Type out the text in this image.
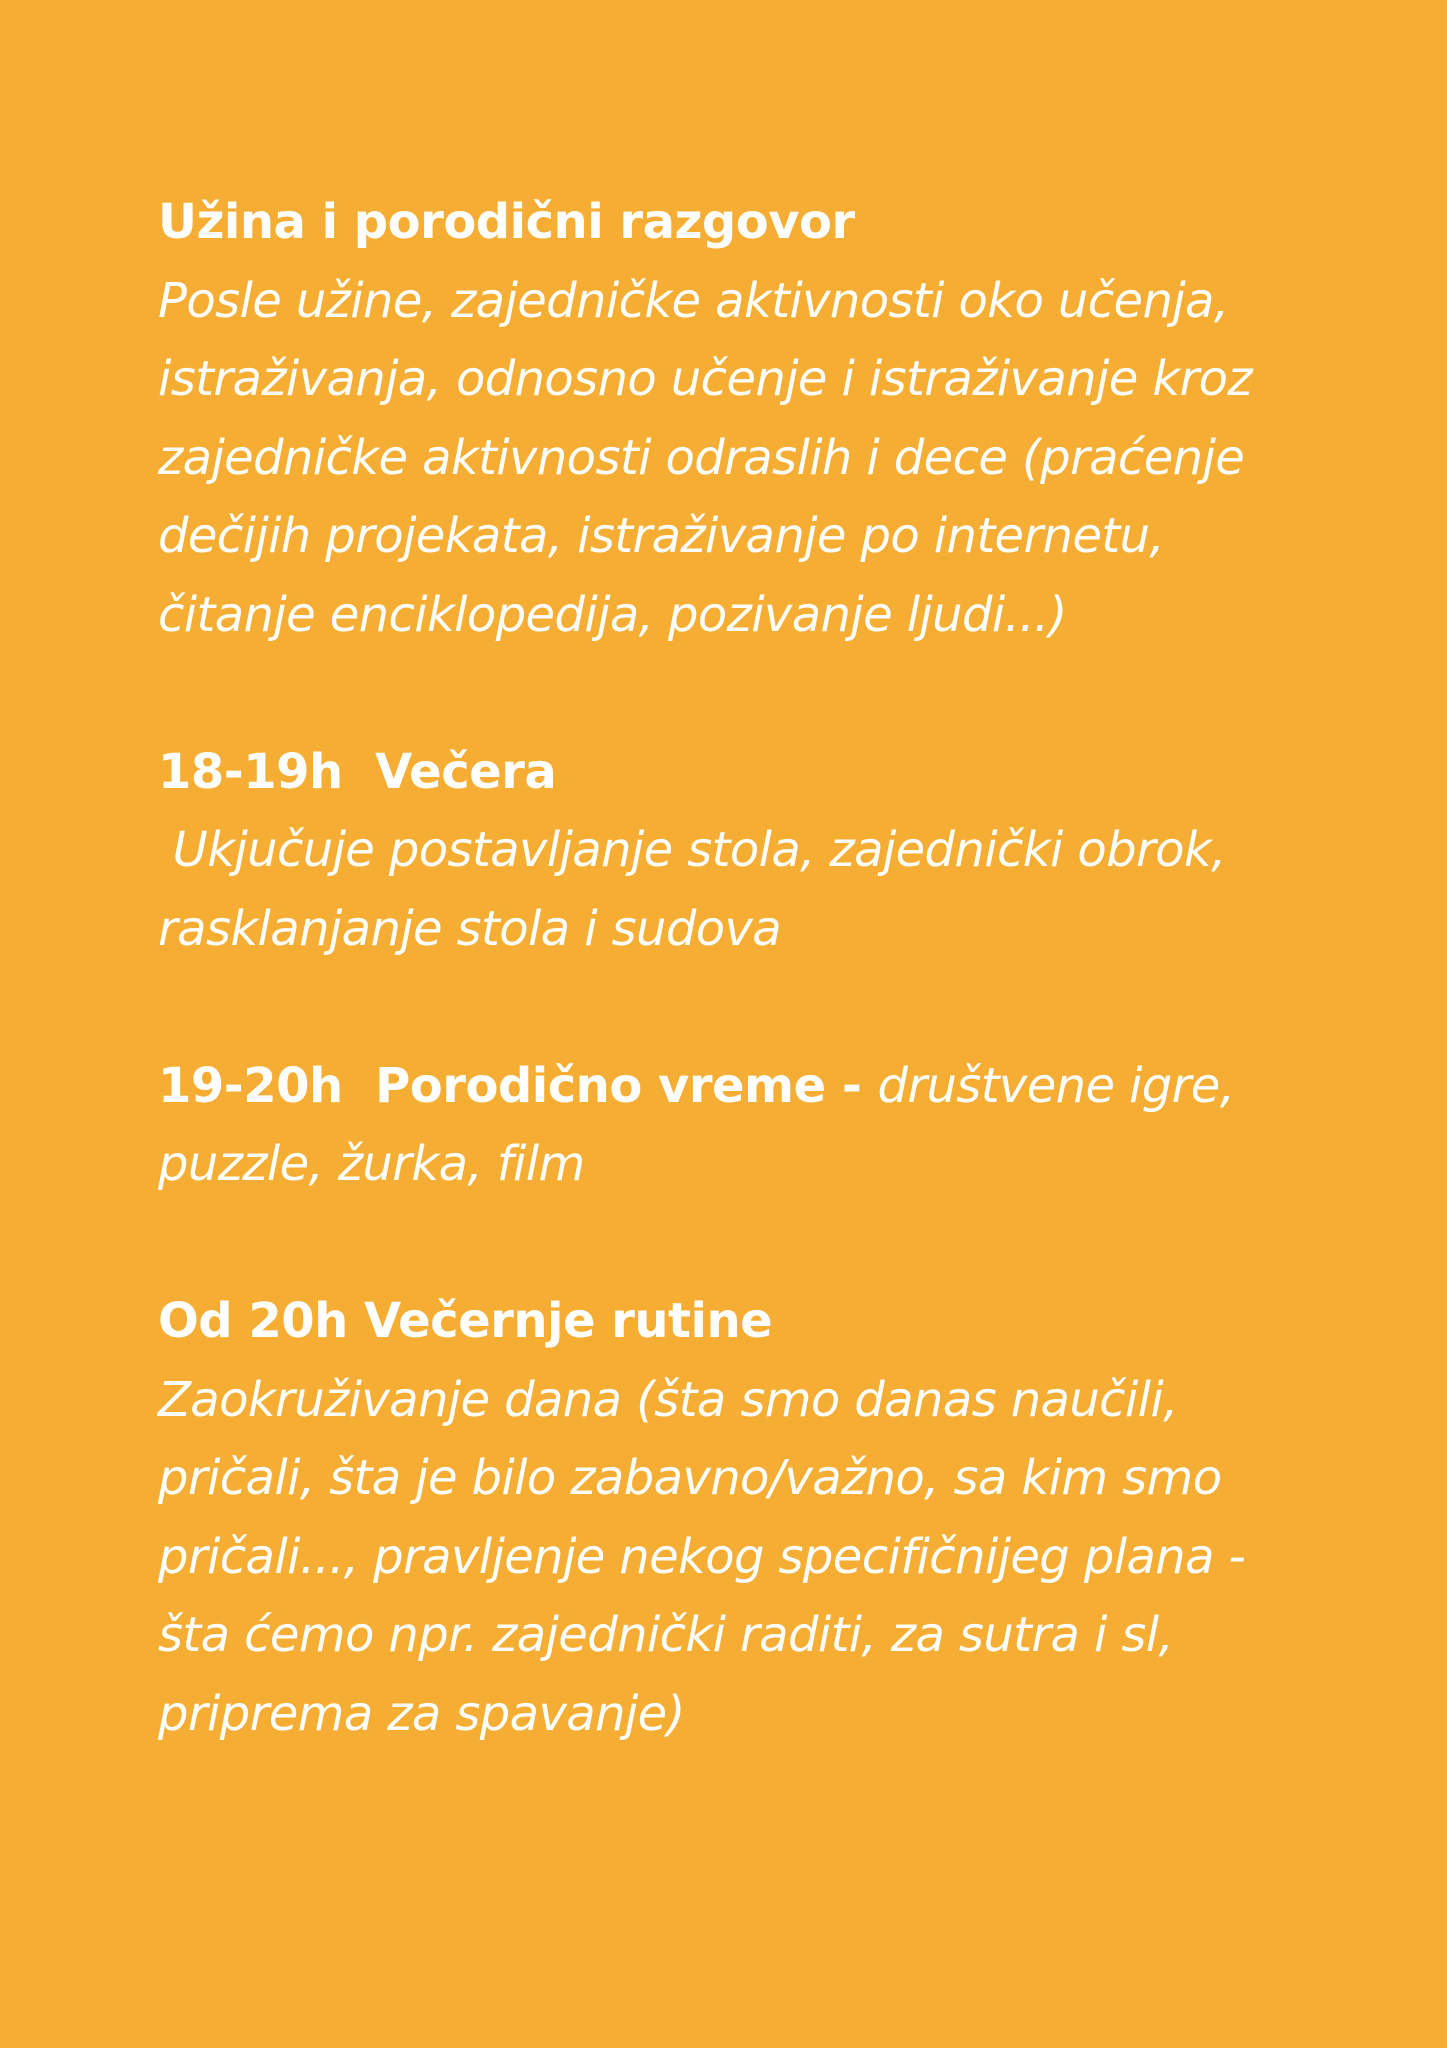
Užina i porodični razgovor
Posle užine, zajedničke aktivnosti oko učenja, istraživanja, odnosno učenje i istraživanje kroz zajedničke aktivnosti odraslih i dece (praćenje dečijih projekata, istraživanje po internetu, čitanje enciklopedija, pozivanje ljudi...)
18-19h  Večera
Ukjučuje postavljanje stola, zajednički obrok, rasklanjanje stola i sudova
19-20h  Porodično vreme - društvene igre, puzzle, žurka, film
Od 20h Večernje rutine
Zaokruživanje dana (šta smo danas naučili, pričali, šta je bilo zabavno/važno, sa kim smo pričali..., pravljenje nekog specifičnijeg plana - šta ćemo npr. zajednički raditi, za sutra i sl, priprema za spavanje)
